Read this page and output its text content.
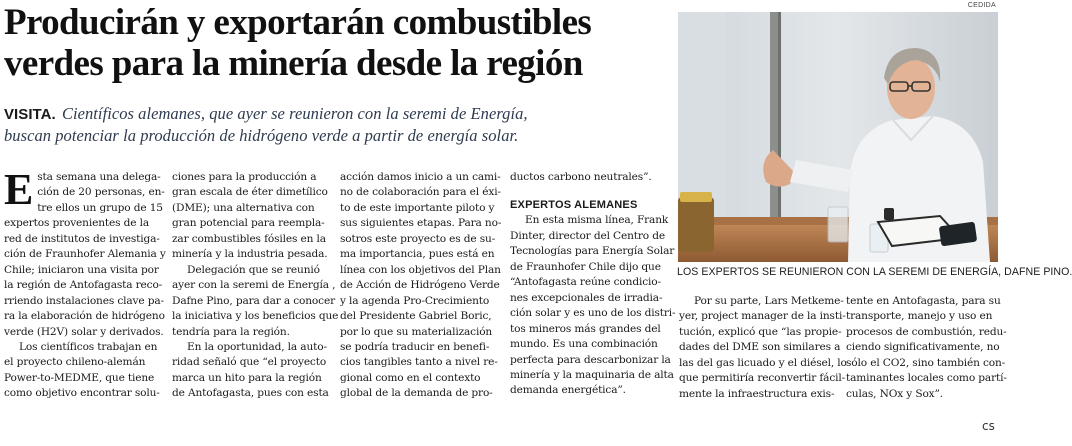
Producirán y exportarán combustibles
verdes para la minería desde la región
VISITA. Científicos alemanes, que ayer se reunieron con la seremi de Energía,
buscan potenciar la producción de hidrógeno verde a partir de energía solar.
CEDIDA
LOS EXPERTOS SE REUNIERON CON LA SEREMI DE ENERGÍA, DAFNE PINO.
E sta semana una delega-
ción de 20 personas, en-
tre ellos un grupo de 15
expertos provenientes de la
red de institutos de investiga-
ción de Fraunhofer Alemania y
Chile; iniciaron una visita por
la región de Antofagasta reco-
rriendo instalaciones clave pa-
ra la elaboración de hidrógeno
verde (H2V) solar y derivados.
Los científicos trabajan en
el proyecto chileno-alemán
Power-to-MEDME, que tiene
como objetivo encontrar solu-
ciones para la producción a
gran escala de éter dimetílico
(DME); una alternativa con
gran potencial para reempla-
zar combustibles fósiles en la
minería y la industria pesada.
Delegación que se reunió
ayer con la seremi de Energía ,
Dafne Pino, para dar a conocer
la iniciativa y los beneficios que
tendría para la región.
En la oportunidad, la auto-
ridad señaló que “el proyecto
marca un hito para la región
de Antofagasta, pues con esta
acción damos inicio a un cami-
no de colaboración para el éxi-
to de este importante piloto y
sus siguientes etapas. Para no-
sotros este proyecto es de su-
ma importancia, pues está en
línea con los objetivos del Plan
de Acción de Hidrógeno Verde
y la agenda Pro-Crecimiento
del Presidente Gabriel Boric,
por lo que su materialización
se podría traducir en benefi-
cios tangibles tanto a nivel re-
gional como en el contexto
global de la demanda de pro-
ductos carbono neutrales”.
EXPERTOS ALEMANES
En esta misma línea, Frank
Dinter, director del Centro de
Tecnologías para Energía Solar
de Fraunhofer Chile dijo que
“Antofagasta reúne condicio-
nes excepcionales de irradia-
ción solar y es uno de los distri-
tos mineros más grandes del
mundo. Es una combinación
perfecta para descarbonizar la
minería y la maquinaria de alta
demanda energética”.
Por su parte, Lars Metkeme-
yer, project manager de la insti-
tución, explicó que “las propie-
dades del DME son similares a
las del gas licuado y el diésel, lo
que permitiría reconvertir fácil-
mente la infraestructura exis-
tente en Antofagasta, para su
transporte, manejo y uso en
procesos de combustión, redu-
ciendo significativamente, no
sólo el CO2, sino también con-
taminantes locales como partí-
culas, NOx y Sox”.
cs
